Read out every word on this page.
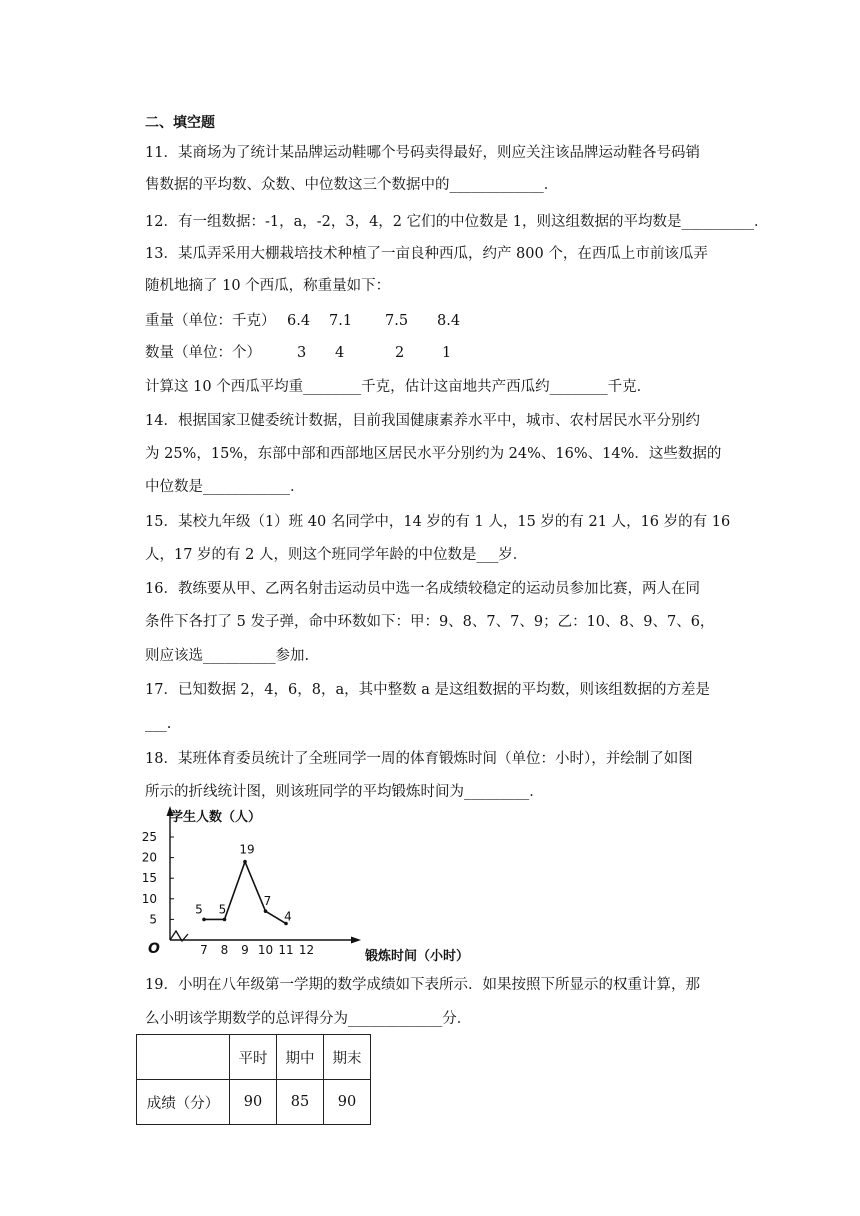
二、填空题
11．某商场为了统计某品牌运动鞋哪个号码卖得最好，则应关注该品牌运动鞋各号码销
售数据的平均数、众数、中位数这三个数据中的_____________．
12．有一组数据：-1，a，-2，3，4，2 它们的中位数是 1，则这组数据的平均数是__________．
13．某瓜弄采用大棚栽培技术种植了一亩良种西瓜，约产 800 个，在西瓜上市前该瓜弄
随机地摘了 10 个西瓜，称重量如下：
重量（单位：千克） 6.4 7.1 7.5 8.4
数量（单位：个） 3 4	2	1
计算这 10 个西瓜平均重________千克，估计这亩地共产西瓜约________千克．
14．根据国家卫健委统计数据，目前我国健康素养水平中，城市、农村居民水平分别约
为 25%，15%，东部中部和西部地区居民水平分别约为 24%、16%、14%．这些数据的
中位数是____________．
15．某校九年级（1）班 40 名同学中，14 岁的有 1 人，15 岁的有 21 人，16 岁的有 16
人，17 岁的有 2 人，则这个班同学年龄的中位数是___岁．
16．教练要从甲、乙两名射击运动员中选一名成绩较稳定的运动员参加比赛，两人在同
条件下各打了 5 发子弹，命中环数如下：甲：9、8、7、7、9；乙：10、8、9、7、6，
则应该选__________参加.
17．已知数据 2，4，6，8，a，其中整数 a 是这组数据的平均数，则该组数据的方差是
___.
18．某班体育委员统计了全班同学一周的体育锻炼时间（单位：小时），并绘制了如图
所示的折线统计图，则该班同学的平均锻炼时间为_________．
学生人数（人）
锻炼时间（小时）
O
5
10
15
20
25
7 8 9 10 11 12
5 5
19
7
4
19．小明在八年级第一学期的数学成绩如下表所示．如果按照下所显示的权重计算，那
么小明该学期数学的总评得分为_____________分．
	平时	期中	期末
成绩（分）	90	85	90
